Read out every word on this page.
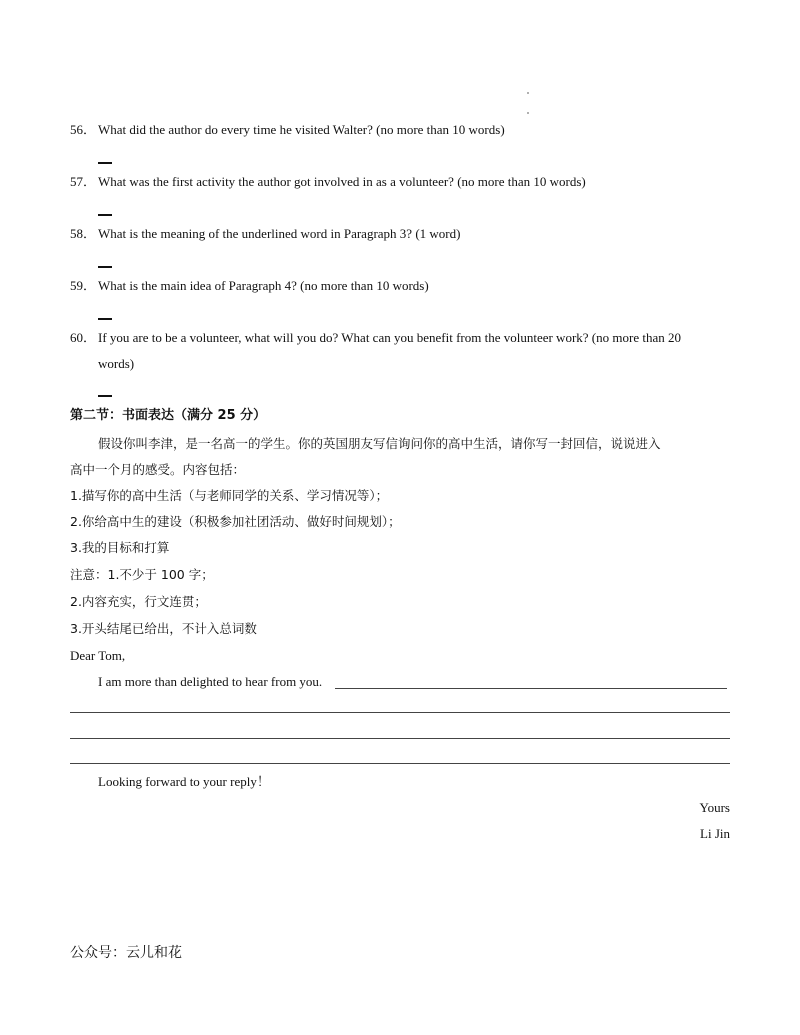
56． What did the author do every time he visited Walter? (no more than 10 words)
57． What was the first activity the author got involved in as a volunteer? (no more than 10 words)
58． What is the meaning of the underlined word in Paragraph 3? (1 word)
59． What is the main idea of Paragraph 4? (no more than 10 words)
60． If you are to be a volunteer, what will you do? What can you benefit from the volunteer work? (no more than 20
words)
第二节：书面表达（满分 25 分）
假设你叫李津，是一名高一的学生。你的英国朋友写信询问你的高中生活，请你写一封回信，说说进入
高中一个月的感受。内容包括：
1.描写你的高中生活（与老师同学的关系、学习情况等）；
2.你给高中生的建设（积极参加社团活动、做好时间规划）；
3.我的目标和打算
注意：1.不少于 100 字；
2.内容充实，行文连贯；
3.开头结尾已给出，不计入总词数
Dear Tom,
I am more than delighted to hear from you.
Looking forward to your reply！
Yours
Li Jin
公众号：云儿和花
